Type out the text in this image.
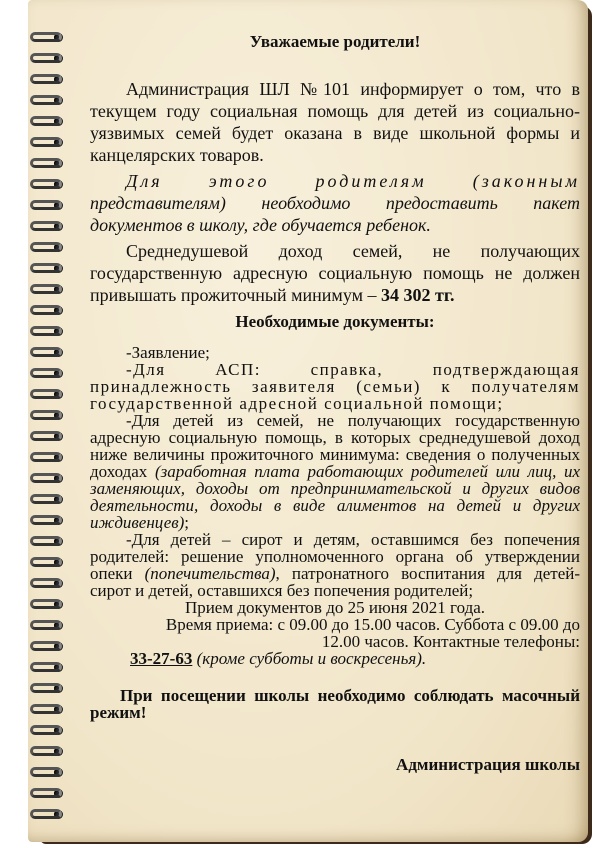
Уважаемые родители!

Администрация ШЛ №101 информирует о том, что в текущем году социальная помощь для детей из социально-уязвимых семей будет оказана в виде школьной формы и канцелярских товаров.

Для этого родителям (законным представителям) необходимо предоставить пакет документов в школу, где обучается ребенок.

Среднедушевой доход семей, не получающих государственную адресную социальную помощь не должен привышать прожиточный минимум – 34 302 тг.

Необходимые документы:

-Заявление;

-Для АСП: справка, подтверждающая принадлежность заявителя (семьи) к получателям государственной адресной социальной помощи;

-Для детей из семей, не получающих государственную адресную социальную помощь, в которых среднедушевой доход ниже величины прожиточного минимума: сведения о полученных доходах (заработная плата работающих родителей или лиц, их заменяющих, доходы от предпринимательской и других видов деятельности, доходы в виде алиментов на детей и других иждивенцев);

-Для детей – сирот и детям, оставшимся без попечения родителей: решение уполномоченного органа об утверждении опеки (попечительства), патронатного воспитания для детей-сирот и детей, оставшихся без попечения родителей;

Прием документов до 25 июня 2021 года.

Время приема: с 09.00 до 15.00 часов. Суббота с 09.00 до 12.00 часов. Контактные телефоны:

33-27-63 (кроме субботы и воскресенья).

При посещении школы необходимо соблюдать масочный режим!

Администрация школы
